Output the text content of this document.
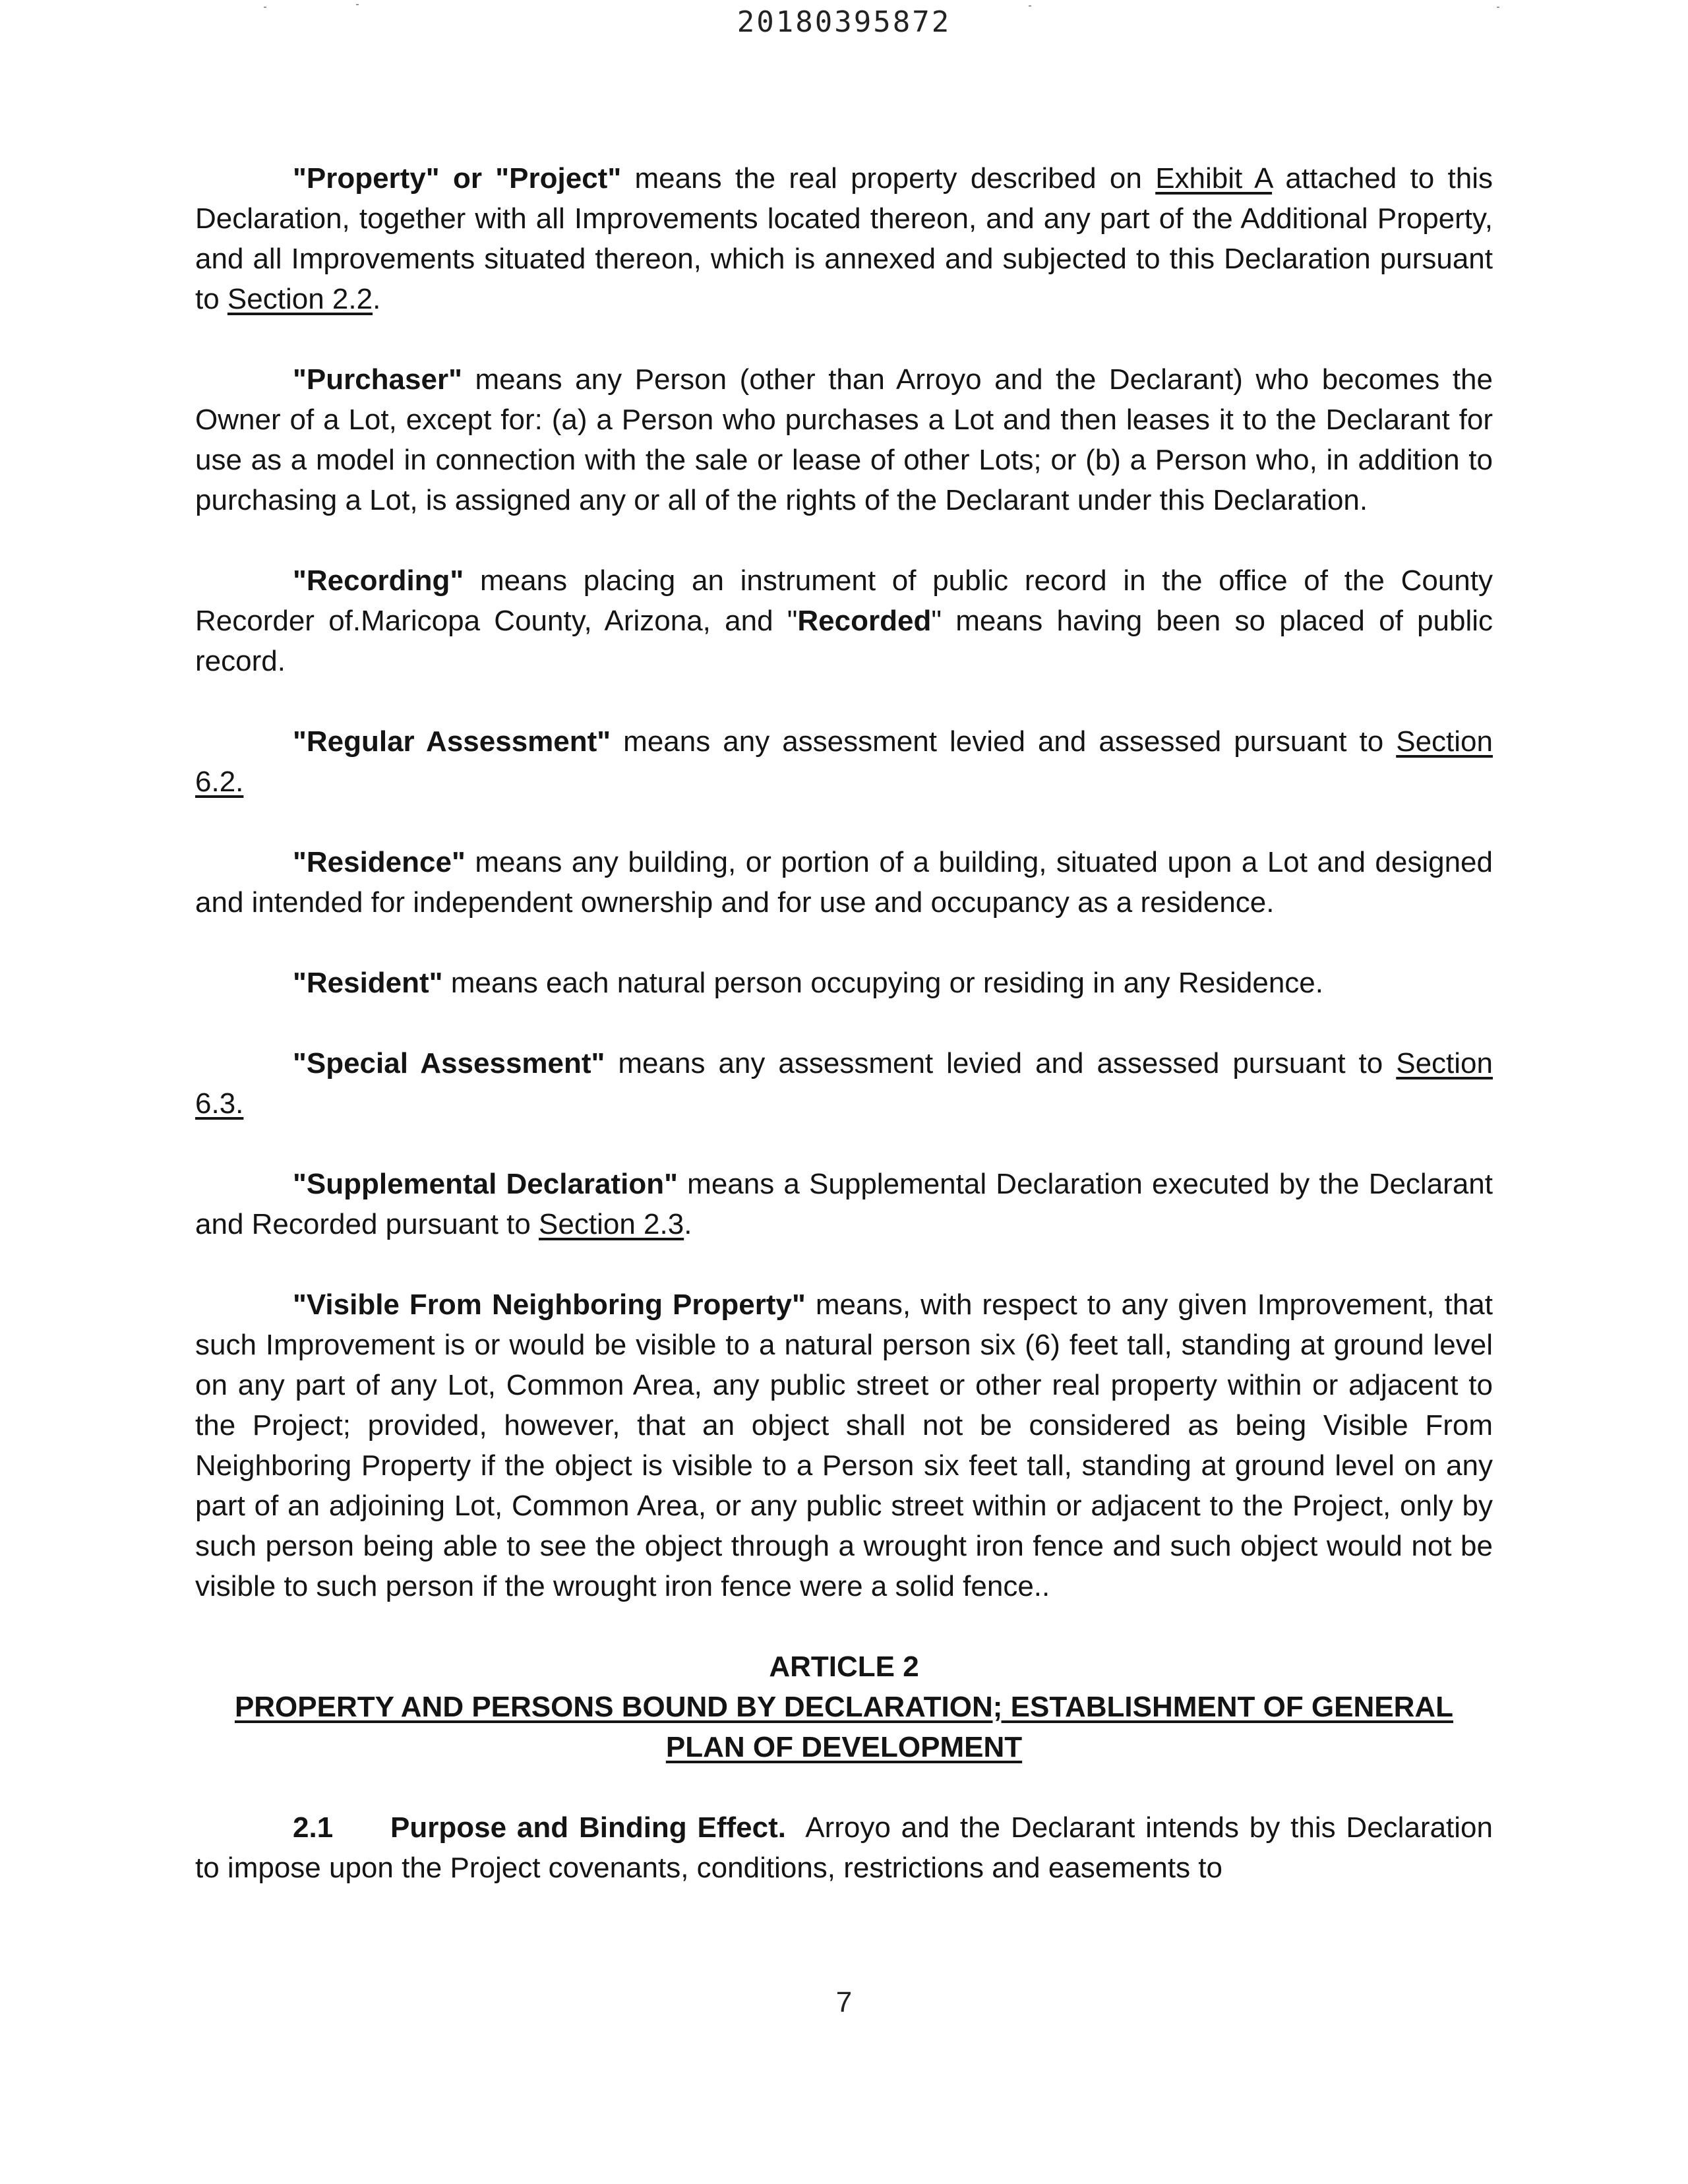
20180395872

"Property" or "Project" means the real property described on Exhibit A attached to this Declaration, together with all Improvements located thereon, and any part of the Additional Property, and all Improvements situated thereon, which is annexed and subjected to this Declaration pursuant to Section 2.2.

"Purchaser" means any Person (other than Arroyo and the Declarant) who becomes the Owner of a Lot, except for: (a) a Person who purchases a Lot and then leases it to the Declarant for use as a model in connection with the sale or lease of other Lots; or (b) a Person who, in addition to purchasing a Lot, is assigned any or all of the rights of the Declarant under this Declaration.

"Recording" means placing an instrument of public record in the office of the County Recorder of.Maricopa County, Arizona, and "Recorded" means having been so placed of public record.

"Regular Assessment" means any assessment levied and assessed pursuant to Section 6.2.

"Residence" means any building, or portion of a building, situated upon a Lot and designed and intended for independent ownership and for use and occupancy as a residence.

"Resident" means each natural person occupying or residing in any Residence.

"Special Assessment" means any assessment levied and assessed pursuant to Section 6.3.

"Supplemental Declaration" means a Supplemental Declaration executed by the Declarant and Recorded pursuant to Section 2.3.

"Visible From Neighboring Property" means, with respect to any given Improvement, that such Improvement is or would be visible to a natural person six (6) feet tall, standing at ground level on any part of any Lot, Common Area, any public street or other real property within or adjacent to the Project; provided, however, that an object shall not be considered as being Visible From Neighboring Property if the object is visible to a Person six feet tall, standing at ground level on any part of an adjoining Lot, Common Area, or any public street within or adjacent to the Project, only by such person being able to see the object through a wrought iron fence and such object would not be visible to such person if the wrought iron fence were a solid fence..

ARTICLE 2
PROPERTY AND PERSONS BOUND BY DECLARATION; ESTABLISHMENT OF GENERAL PLAN OF DEVELOPMENT

2.1 Purpose and Binding Effect.  Arroyo and the Declarant intends by this Declaration to impose upon the Project covenants, conditions, restrictions and easements to

7
